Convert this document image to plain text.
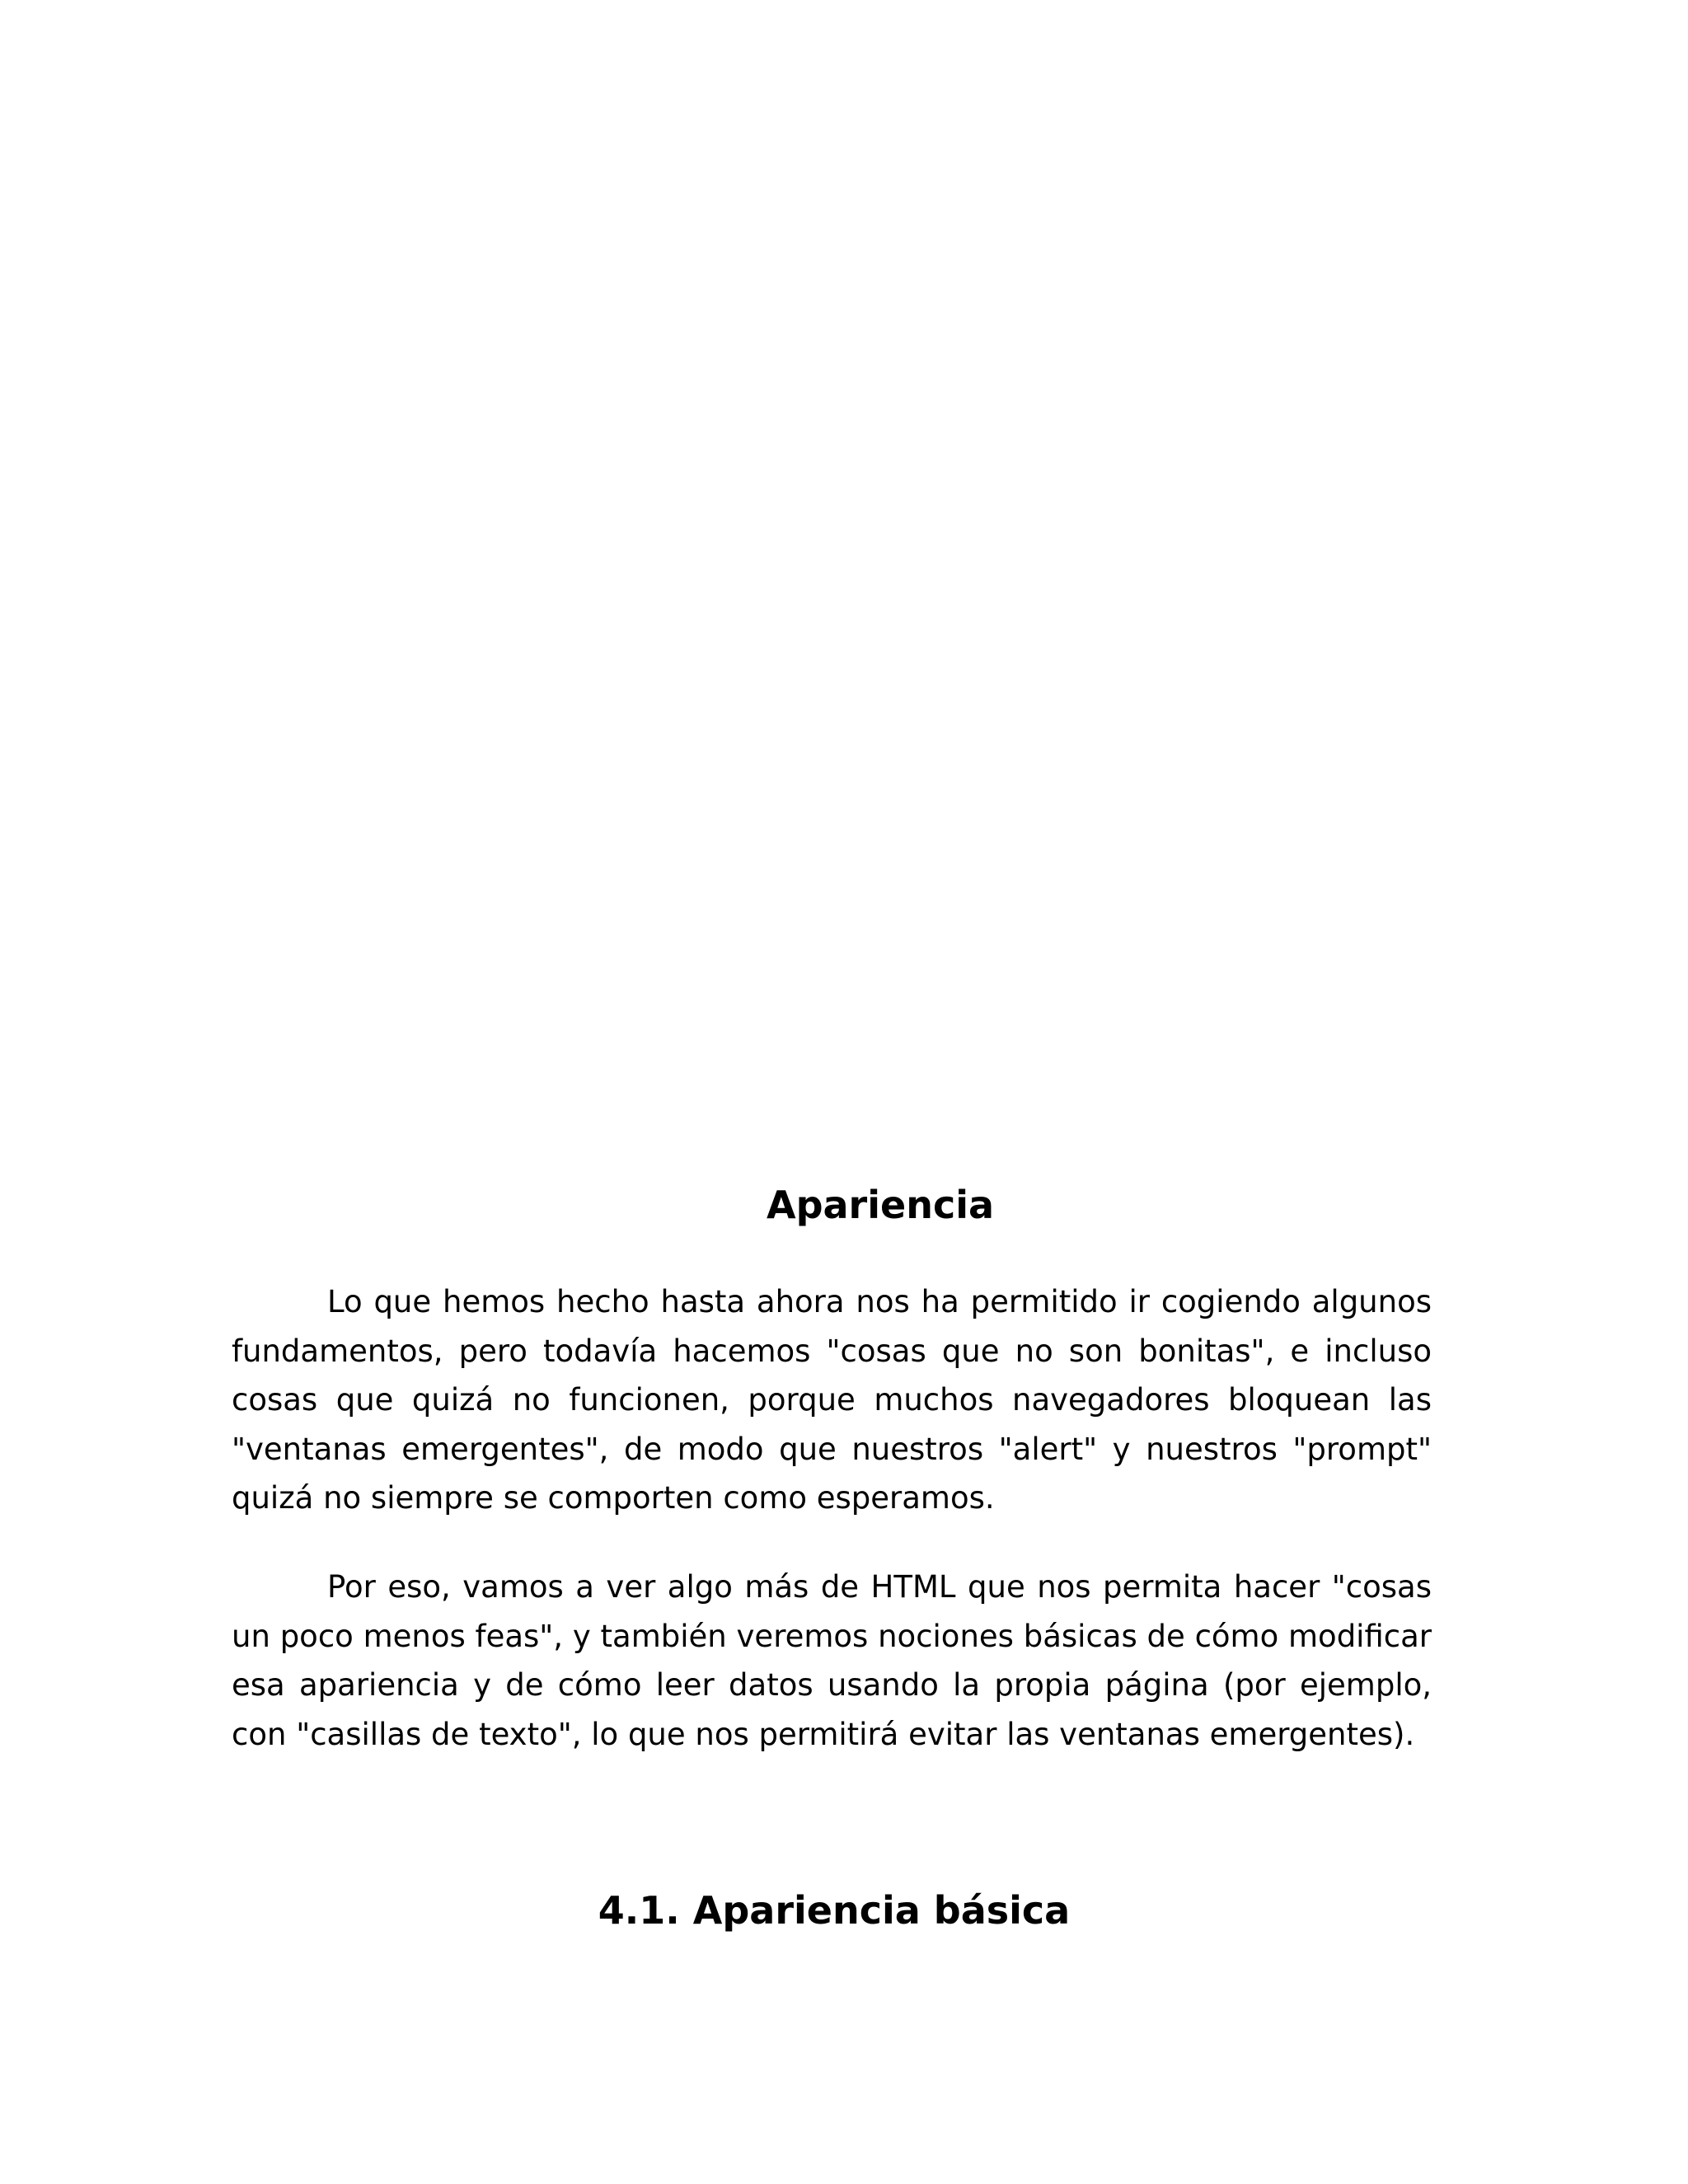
Apariencia

Lo que hemos hecho hasta ahora nos ha permitido ir cogiendo algunos fundamentos, pero todavía hacemos "cosas que no son bonitas", e incluso cosas que quizá no funcionen, porque muchos navegadores bloquean las "ventanas emergentes", de modo que nuestros "alert" y nuestros "prompt" quizá no siempre se comporten como esperamos.

Por eso, vamos a ver algo más de HTML que nos permita hacer "cosas un poco menos feas", y también veremos nociones básicas de cómo modificar esa apariencia y de cómo leer datos usando la propia página (por ejemplo, con "casillas de texto", lo que nos permitirá evitar las ventanas emergentes).

4.1. Apariencia básica
